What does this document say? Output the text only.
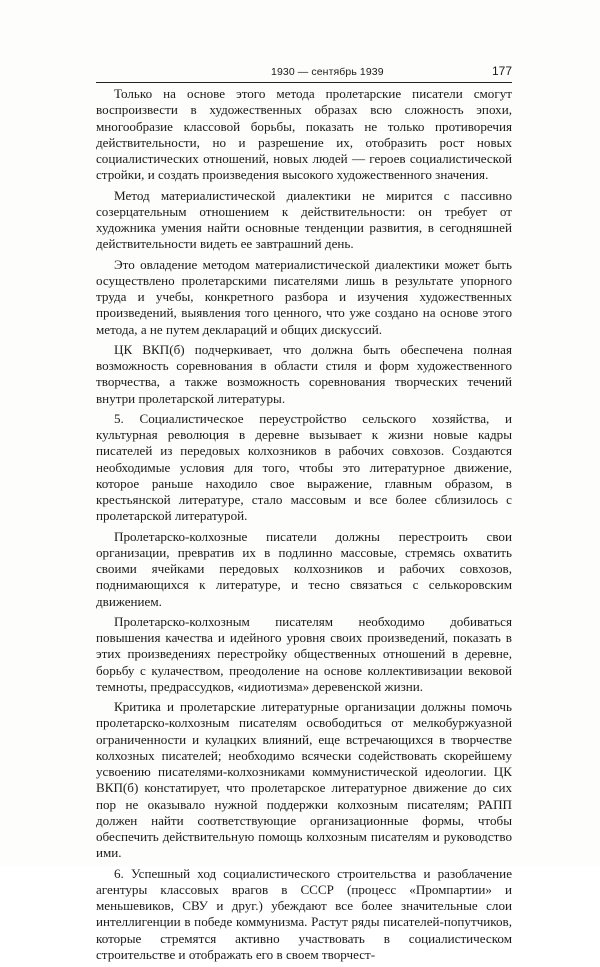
1930 — сентябрь 1939	177

Только на основе этого метода пролетарские писатели смогут воспроизвести в художественных образах всю сложность эпохи, многообразие классовой борьбы, показать не только противоречия действительности, но и разрешение их, отобразить рост новых социалистических отношений, новых людей — героев социалистической стройки, и создать произведения высокого художественного значения.

Метод материалистической диалектики не мирится с пассивно созерцательным отношением к действительности: он требует от художника умения найти основные тенденции развития, в сегодняшней действительности видеть ее завтрашний день.

Это овладение методом материалистической диалектики может быть осуществлено пролетарскими писателями лишь в результате упорного труда и учебы, конкретного разбора и изучения художественных произведений, выявления того ценного, что уже создано на основе этого метода, а не путем деклараций и общих дискуссий.

ЦК ВКП(б) подчеркивает, что должна быть обеспечена полная возможность соревнования в области стиля и форм художественного творчества, а также возможность соревнования творческих течений внутри пролетарской литературы.

5. Социалистическое переустройство сельского хозяйства, и культурная революция в деревне вызывает к жизни новые кадры писателей из передовых колхозников в рабочих совхозов. Создаются необходимые условия для того, чтобы это литературное движение, которое раньше находило свое выражение, главным образом, в крестьянской литературе, стало массовым и все более сблизилось с пролетарской литературой.

Пролетарско-колхозные писатели должны перестроить свои организации, превратив их в подлинно массовые, стремясь охватить своими ячейками передовых колхозников и рабочих совхозов, поднимающихся к литературе, и тесно связаться с селькоровским движением.

Пролетарско-колхозным писателям необходимо добиваться повышения качества и идейного уровня своих произведений, показать в этих произведениях перестройку общественных отношений в деревне, борьбу с кулачеством, преодоление на основе коллективизации вековой темноты, предрассудков, «идиотизма» деревенской жизни.

Критика и пролетарские литературные организации должны помочь пролетарско-колхозным писателям освободиться от мелкобуржуазной ограниченности и кулацких влияний, еще встречающихся в творчестве колхозных писателей; необходимо всячески содействовать скорейшему усвоению писателями-колхозниками коммунистической идеологии. ЦК ВКП(б) констатирует, что пролетарское литературное движение до сих пор не оказывало нужной поддержки колхозным писателям; РАПП должен найти соответствующие организационные формы, чтобы обеспечить действительную помощь колхозным писателям и руководство ими.

6. Успешный ход социалистического строительства и разоблачение агентуры классовых врагов в СССР (процесс «Промпартии» и меньшевиков, СВУ и друг.) убеждают все более значительные слои интеллигенции в победе коммунизма. Растут ряды писателей-попутчиков, которые стремятся активно участвовать в социалистическом строительстве и отображать его в своем творчест-
